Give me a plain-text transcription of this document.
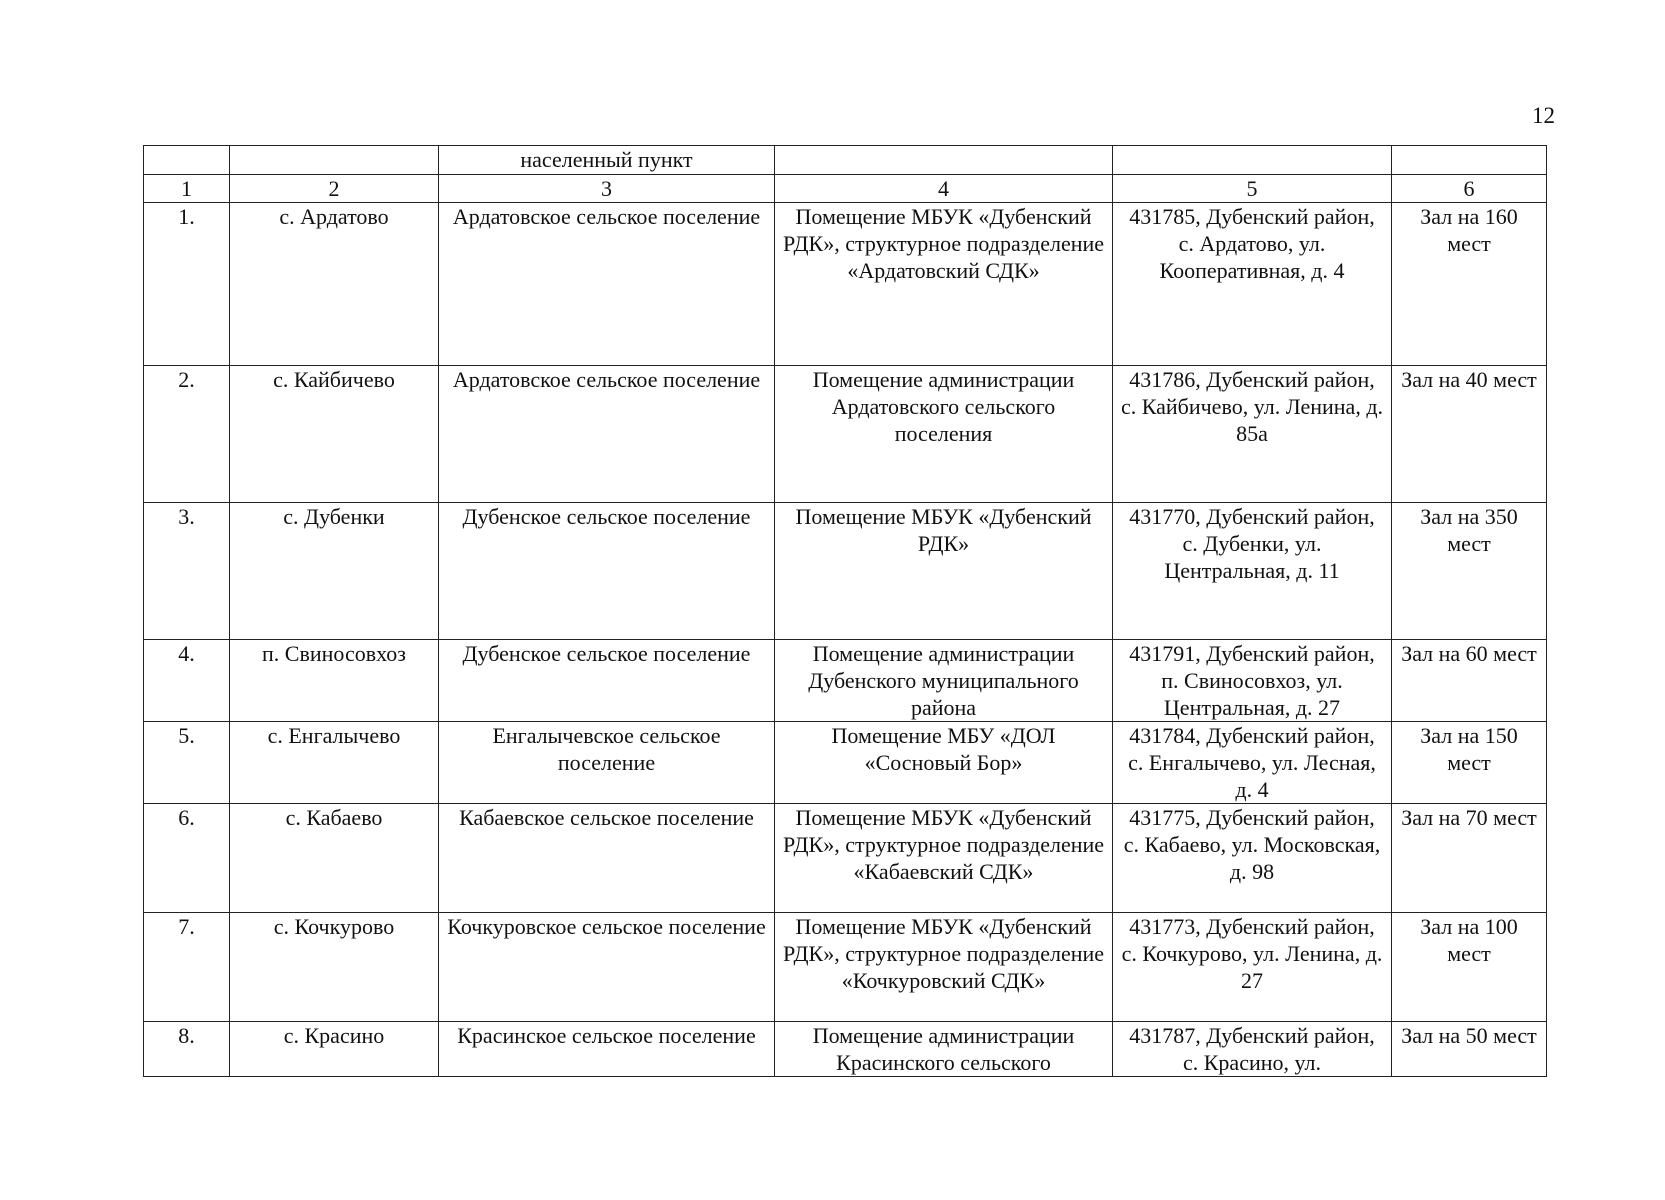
12
		населенный пункт			
1	2	3	4	5	6
1.	с. Ардатово	Ардатовское сельское поселение	Помещение МБУК «Дубенский РДК», структурное подразделение «Ардатовский СДК»	431785, Дубенский район, с. Ардатово, ул. Кооперативная, д. 4	Зал на 160 мест
2.	с. Кайбичево	Ардатовское сельское поселение	Помещение администрации Ардатовского сельского поселения	431786, Дубенский район, с. Кайбичево, ул. Ленина, д. 85а	Зал на 40 мест
3.	с. Дубенки	Дубенское сельское поселение	Помещение МБУК «Дубенский РДК»	431770, Дубенский район, с. Дубенки, ул. Центральная, д. 11	Зал на 350 мест
4.	п. Свиносовхоз	Дубенское сельское поселение	Помещение администрации Дубенского муниципального района	431791, Дубенский район, п. Свиносовхоз, ул. Центральная, д. 27	Зал на 60 мест
5.	с. Енгалычево	Енгалычевское сельское поселение	Помещение МБУ «ДОЛ «Сосновый Бор»	431784, Дубенский район, с. Енгалычево, ул. Лесная, д. 4	Зал на 150 мест
6.	с. Кабаево	Кабаевское сельское поселение	Помещение МБУК «Дубенский РДК», структурное подразделение «Кабаевский СДК»	431775, Дубенский район, с. Кабаево, ул. Московская, д. 98	Зал на 70 мест
7.	с. Кочкурово	Кочкуровское сельское поселение	Помещение МБУК «Дубенский РДК», структурное подразделение «Кочкуровский СДК»	431773, Дубенский район, с. Кочкурово, ул. Ленина, д. 27	Зал на 100 мест
8.	с. Красино	Красинское сельское поселение	Помещение администрации Красинского сельского	431787, Дубенский район, с. Красино, ул.	Зал на 50 мест
